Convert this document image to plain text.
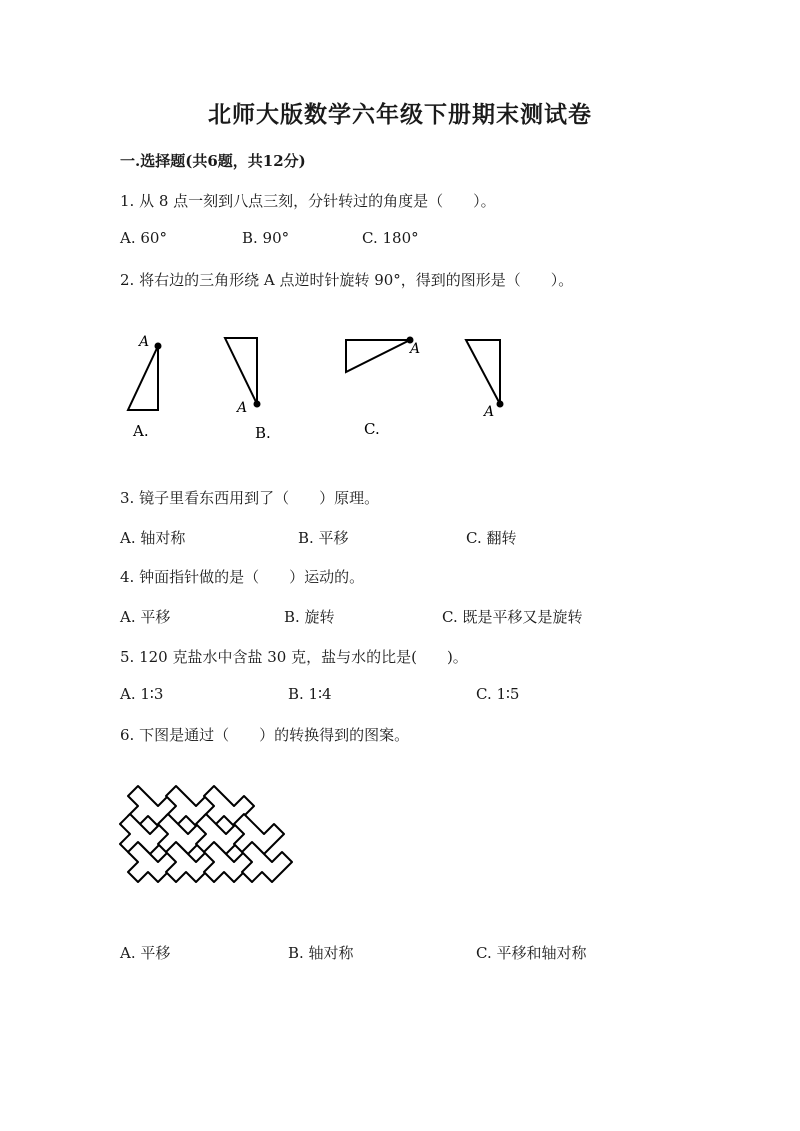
北师大版数学六年级下册期末测试卷
一.选择题(共6题，共12分)
1. 从 8 点一刻到八点三刻，分针转过的角度是（　　）。
A. 60°	B. 90°	C. 180°
2. 将右边的三角形绕 A 点逆时针旋转 90°，得到的图形是（　　）。
A
A.
A
B.
A
C.
A
3. 镜子里看东西用到了（　　）原理。
A. 轴对称	B. 平移	C. 翻转
4. 钟面指针做的是（　　）运动的。
A. 平移	B. 旋转	C. 既是平移又是旋转
5. 120 克盐水中含盐 30 克，盐与水的比是(　　)。
A. 1∶3	B. 1∶4	C. 1∶5
6. 下图是通过（　　）的转换得到的图案。
A. 平移	B. 轴对称	C. 平移和轴对称
